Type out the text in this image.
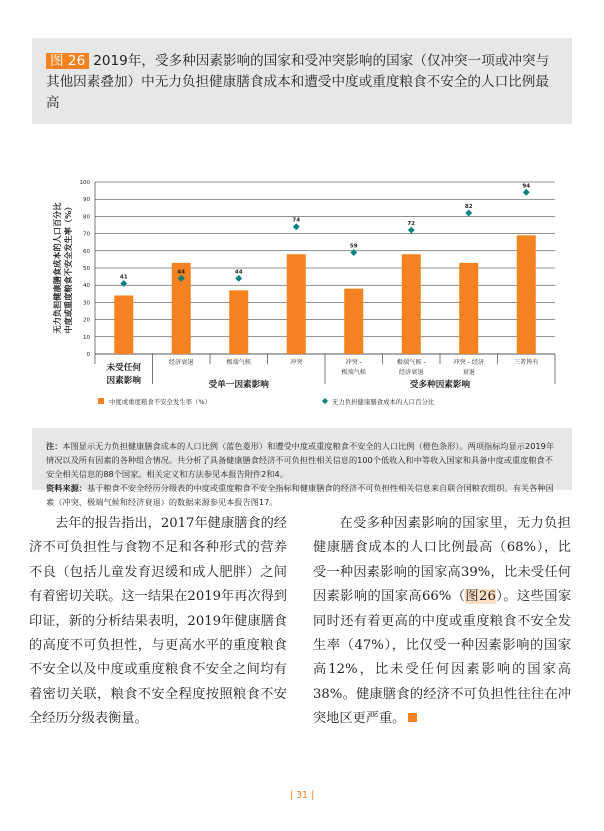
图 26 2019年，受多种因素影响的国家和受冲突影响的国家（仅冲突一项或冲突与其他因素叠加）中无力负担健康膳食成本和遭受中度或重度粮食不安全的人口比例最高
0
10
20
30
40
50
60
70
80
90
100
无力负担健康膳食成本的人口百分比 中度或重度粮食不安全发生率（%）	41
44	44
74
59
72
82
94
未受任何
因素影响
经济衰退	极端气候	冲突	冲突 -
极端气候
极端气候 -
经济衰退
冲突 - 经济
衰退
三者皆有
受单一因素影响	受多种因素影响
中度或重度粮食不安全发生率（%）	无力负担健康膳食成本的人口百分比
注：本图显示无力负担健康膳食成本的人口比例（蓝色菱形）和遭受中度或重度粮食不安全的人口比例（橙色条形）。两项指标均显示2019年情况以及所有因素的各种组合情况。共分析了具备健康膳食经济不可负担性相关信息的100个低收入和中等收入国家和具备中度或重度粮食不安全相关信息的88个国家。相关定义和方法参见本报告附件2和4。
资料来源：基于粮食不安全经历分级表的中度或重度粮食不安全指标和健康膳食的经济不可负担性相关信息来自联合国粮农组织。有关各种因素（冲突、极端气候和经济衰退）的数据来源参见本报告图17。
去年的报告指出，2017年健康膳食的经济不可负担性与食物不足和各种形式的营养不良（包括儿童发育迟缓和成人肥胖）之间有着密切关联。这一结果在2019年再次得到印证，新的分析结果表明，2019年健康膳食的高度不可负担性，与更高水平的重度粮食不安全以及中度或重度粮食不安全之间均有着密切关联，粮食不安全程度按照粮食不安全经历分级表衡量。
在受多种因素影响的国家里，无力负担健康膳食成本的人口比例最高（68%），比受一种因素影响的国家高39%，比未受任何因素影响的国家高66%（图26）。这些国家同时还有着更高的中度或重度粮食不安全发生率（47%），比仅受一种因素影响的国家高12%，比未受任何因素影响的国家高38%。健康膳食的经济不可负担性往往在冲突地区更严重。
| 31 |
